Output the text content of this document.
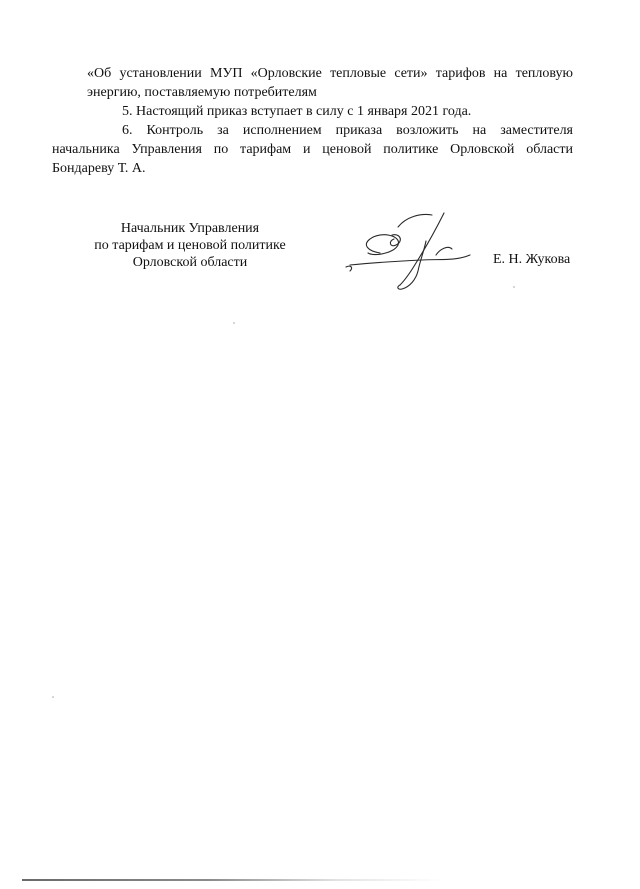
«Об установлении МУП «Орловские тепловые сети» тарифов на тепловую
энергию, поставляемую потребителям

5. Настоящий приказ вступает в силу с 1 января 2021 года.

6. Контроль за исполнением приказа возложить на заместителя
начальника Управления по тарифам и ценовой политике Орловской области
Бондареву Т. А.

Начальник Управления
по тарифам и ценовой политике
Орловской области	Е. Н. Жукова
